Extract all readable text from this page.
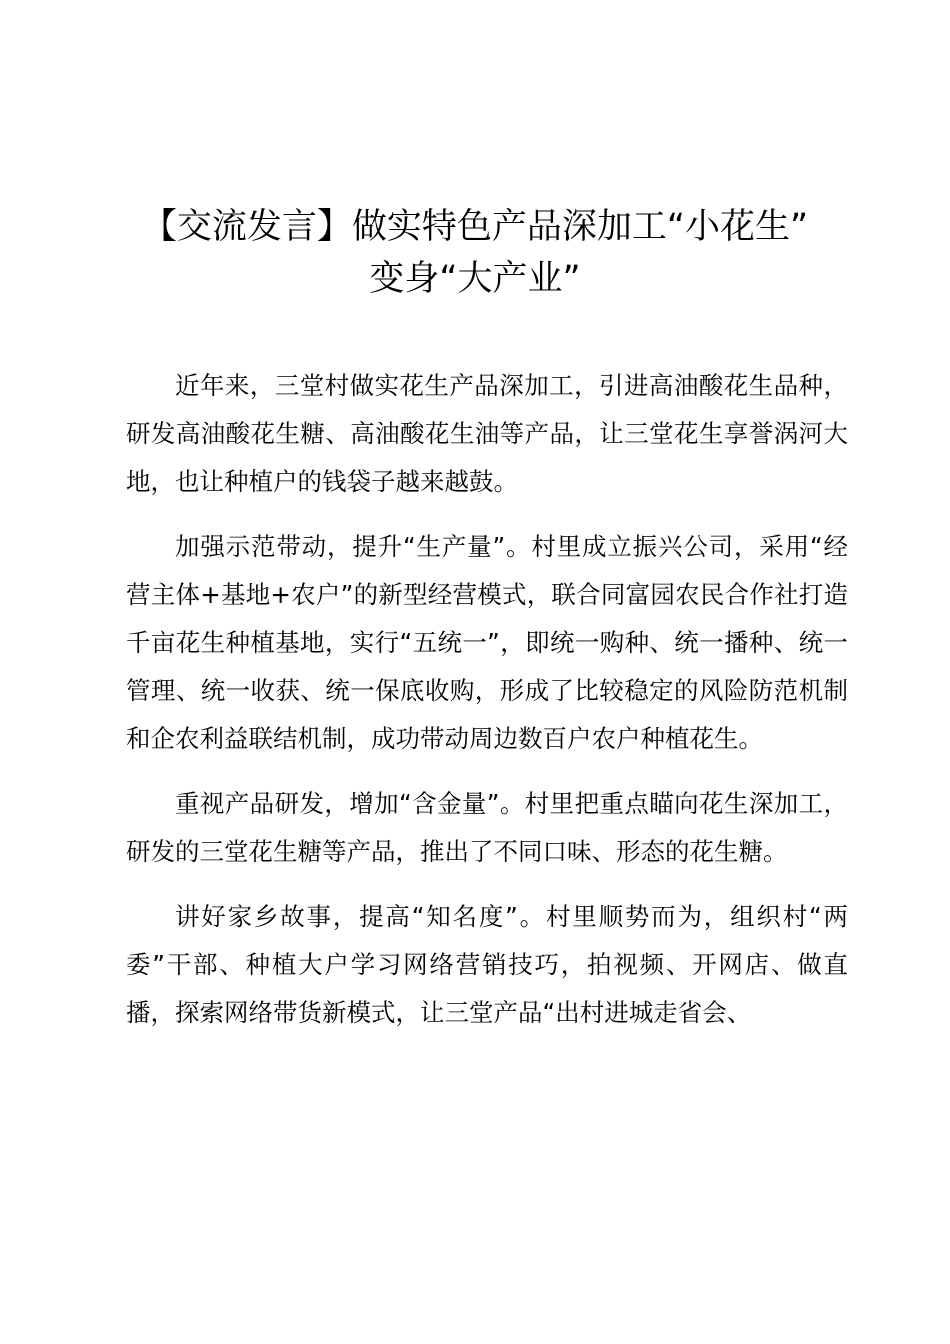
【交流发言】做实特色产品深加工“小花生”
变身“大产业”

近年来，三堂村做实花生产品深加工，引进高油酸花生品种，研发高油酸花生糖、高油酸花生油等产品，让三堂花生享誉涡河大地，也让种植户的钱袋子越来越鼓。

加强示范带动，提升“生产量”。村里成立振兴公司，采用“经营主体+基地+农户”的新型经营模式，联合同富园农民合作社打造千亩花生种植基地，实行“五统一”，即统一购种、统一播种、统一管理、统一收获、统一保底收购，形成了比较稳定的风险防范机制和企农利益联结机制，成功带动周边数百户农户种植花生。

重视产品研发，增加“含金量”。村里把重点瞄向花生深加工，研发的三堂花生糖等产品，推出了不同口味、形态的花生糖。

讲好家乡故事，提高“知名度”。村里顺势而为，组织村“两委”干部、种植大户学习网络营销技巧，拍视频、开网店、做直播，探索网络带货新模式，让三堂产品“出村进城走省会、
